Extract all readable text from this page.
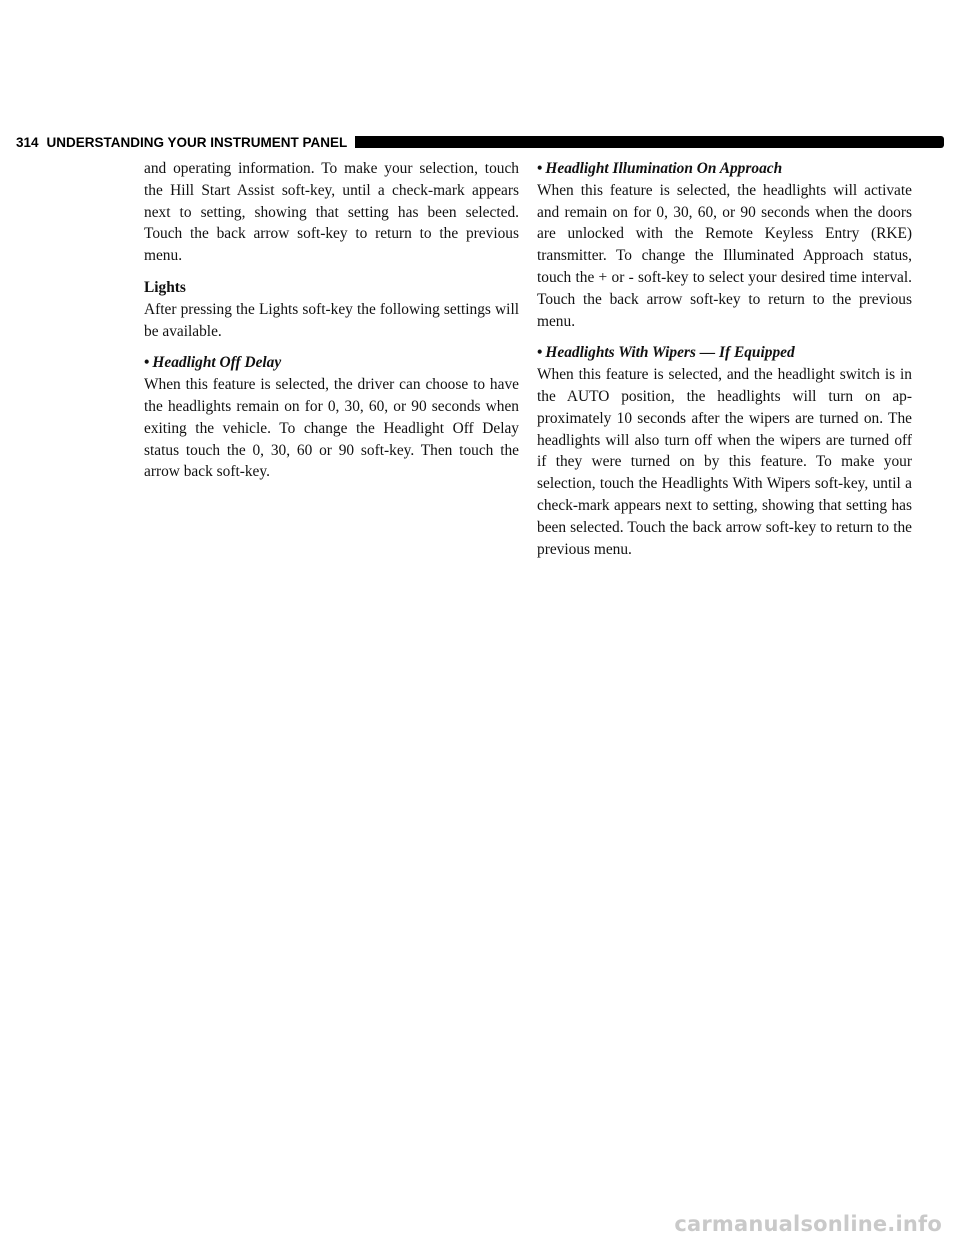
314 UNDERSTANDING YOUR INSTRUMENT PANEL

and operating information. To make your selection, touch the Hill Start Assist soft-key, until a check-mark appears next to setting, showing that setting has been selected. Touch the back arrow soft-key to return to the previous menu.

Lights

After pressing the Lights soft-key the following settings will be available.

• Headlight Off Delay

When this feature is selected, the driver can choose to have the headlights remain on for 0, 30, 60, or 90 seconds when exiting the vehicle. To change the Headlight Off Delay status touch the 0, 30, 60 or 90 soft-key. Then touch the arrow back soft-key.

• Headlight Illumination On Approach

When this feature is selected, the headlights will activate and remain on for 0, 30, 60, or 90 seconds when the doors are unlocked with the Remote Keyless Entry (RKE) transmitter. To change the Illuminated Approach status, touch the + or - soft-key to select your desired time interval. Touch the back arrow soft-key to return to the previous menu.

• Headlights With Wipers — If Equipped

When this feature is selected, and the headlight switch is in the AUTO position, the headlights will turn on ap-proximately 10 seconds after the wipers are turned on. The headlights will also turn off when the wipers are turned off if they were turned on by this feature. To make your selection, touch the Headlights With Wipers soft-key, until a check-mark appears next to setting, showing that setting has been selected. Touch the back arrow soft-key to return to the previous menu.

carmanualsonline.info
